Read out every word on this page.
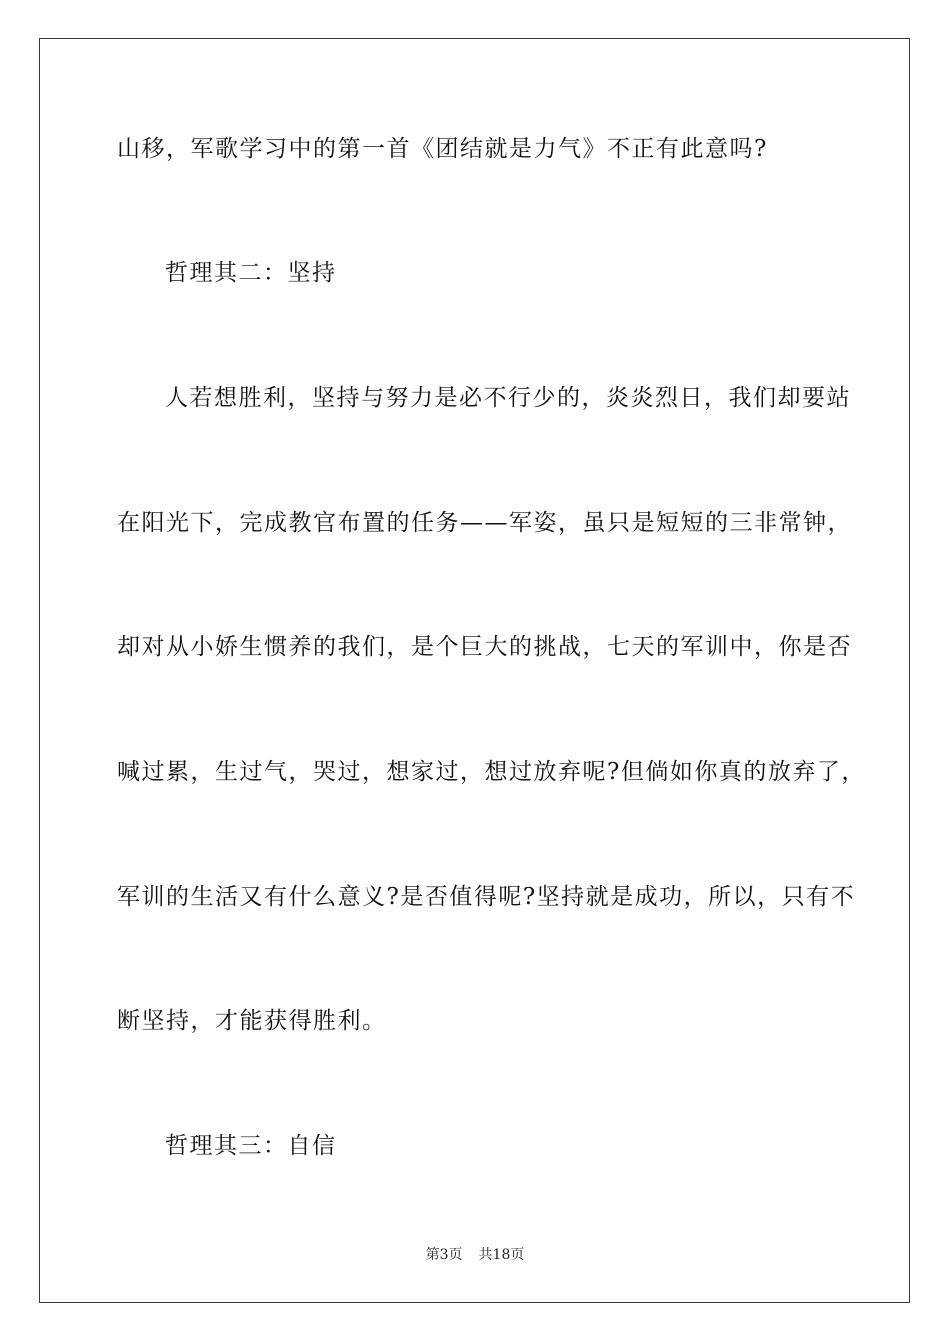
山移，军歌学习中的第一首《团结就是力气》不正有此意吗?
哲理其二：坚持
人若想胜利，坚持与努力是必不行少的，炎炎烈日，我们却要站
在阳光下，完成教官布置的任务——军姿，虽只是短短的三非常钟，
却对从小娇生惯养的我们，是个巨大的挑战，七天的军训中，你是否
喊过累，生过气，哭过，想家过，想过放弃呢?但倘如你真的放弃了，
军训的生活又有什么意义?是否值得呢?坚持就是成功，所以，只有不
断坚持，才能获得胜利。
哲理其三：自信
第3页 共18页
